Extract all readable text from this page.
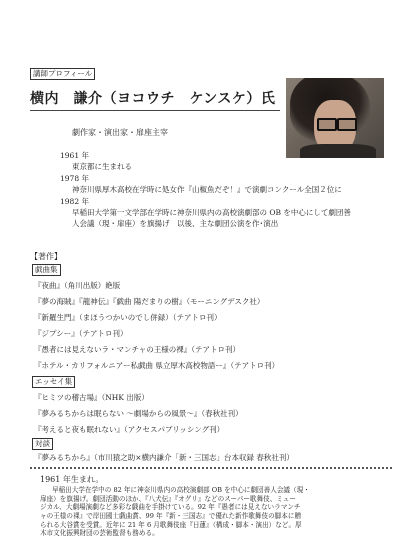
講師プロフィール
横内　謙介（ヨコウチ　ケンスケ）氏
劇作家・演出家・扉座主宰
1961 年
東京都に生まれる
1978 年
神奈川県厚木高校在学時に処女作『山椒魚だぞ！』で演劇コンクール全国２位に
1982 年
早稲田大学第一文学部在学時に神奈川県内の高校演劇部の OB を中心にして劇団善
人会議（現・扉座）を旗揚げ　以後、主な劇団公演を作･演出
【著作】
戯曲集
『夜曲』（角川出版）絶版
『夢の海賊』『龍神伝』『戯曲 陽だまりの樹』（モーニングデスク社）
『新羅生門』（まほうつかいのでし併録）（テアトロ刊）
『ジプシー』（テアトロ刊）
『愚者には見えないラ・マンチャの王様の裸』（テアトロ刊）
『ホテル・カリフォルニアー私戯曲 県立厚木高校物語ー』（テアトロ刊）
エッセイ集
『ヒミツの稽古場』（NHK 出版）
『夢みるちからは眠らない ～劇場からの風景～』（春秋社刊）
『考えると夜も眠れない』（アクセスパブリッシング刊）
対談
『夢みるちから』（市川猿之助×横内謙介「新・三国志」台本収録 春秋社刊）
1961 年生まれ。
早稲田大学在学中の 82 年に神奈川県内の高校演劇部 OB を中心に劇団善人会議（現・
扉座）を旗揚げ。劇団活動のほか、『八犬伝』『オグリ』などのスーパー歌舞伎、ミュー
ジカル、大劇場演劇など多彩な戯曲を手掛けている。92 年『愚者には見えないラマンチ
ャの王様の裸』で岸田國士戯曲賞、99 年『新・三国志』で優れた新作歌舞伎の脚本に贈
られる大谷賞を受賞。近年に 21 年 6 月歌舞伎座『日蓮』（構成・脚本・演出）など。厚
木市文化振興財団の芸術監督も務める。
